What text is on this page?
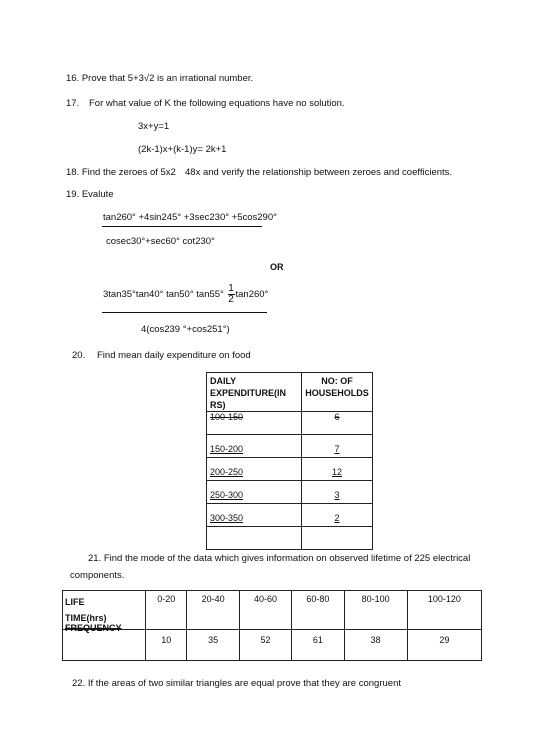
16. Prove that 5+3√2 is an irrational number.
17. For what value of K the following equations have no solution.
3x+y=1
(2k-1)x+(k-1)y= 2k+1
18. Find the zeroes of 5x2 48x and verify the relationship between zeroes and coefficients.
19. Evalute
tan260° +4sin245° +3sec230° +5cos290°
cosec30°+sec60° cot230°
OR
3tan35°tan40° tan50° $\tan 55^\circ \frac{1}{2} \tan 260^\circ$
4(cos239 °+cos251°)
20. Find mean daily expenditure on food
DAILY EXPENDITURE(IN RS)	NO: OF HOUSEHOLDS

100-150	6

150-200	7

200-250	12

250-300	3

300-350	2

21. Find the mode of the data which gives information on observed lifetime of 225 electrical
components.
LIFE TIME(hrs)	0-20	20-40	40-60	60-80	80-100	100-120

FREQUENCY	10	35	52	61	38	29
22. If the areas of two similar triangles are equal prove that they are congruent
